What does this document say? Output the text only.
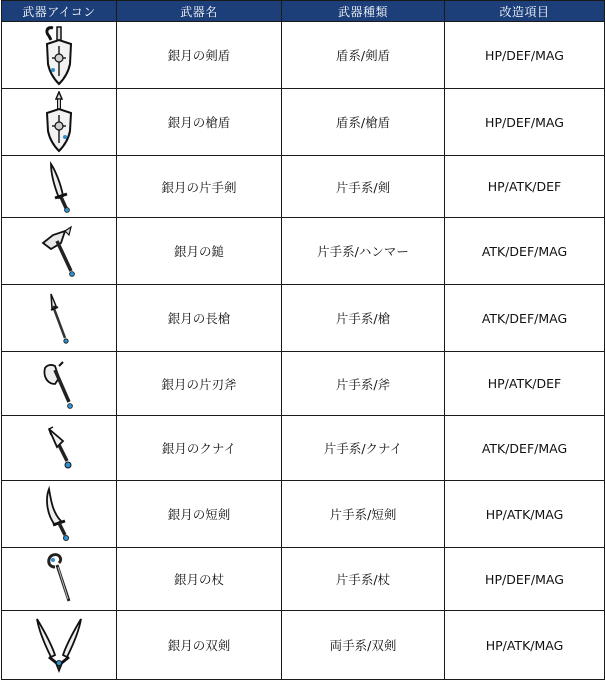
武器アイコン	武器名	武器種類	改造項目

	銀月の剣盾	盾系/剣盾	HP/DEF/MAG

	銀月の槍盾	盾系/槍盾	HP/DEF/MAG

	銀月の片手剣	片手系/剣	HP/ATK/DEF

	銀月の鎚	片手系/ハンマー	ATK/DEF/MAG

	銀月の長槍	片手系/槍	ATK/DEF/MAG

	銀月の片刃斧	片手系/斧	HP/ATK/DEF

	銀月のクナイ	片手系/クナイ	ATK/DEF/MAG

	銀月の短剣	片手系/短剣	HP/ATK/MAG

	銀月の杖	片手系/杖	HP/DEF/MAG

	銀月の双剣	両手系/双剣	HP/ATK/MAG
